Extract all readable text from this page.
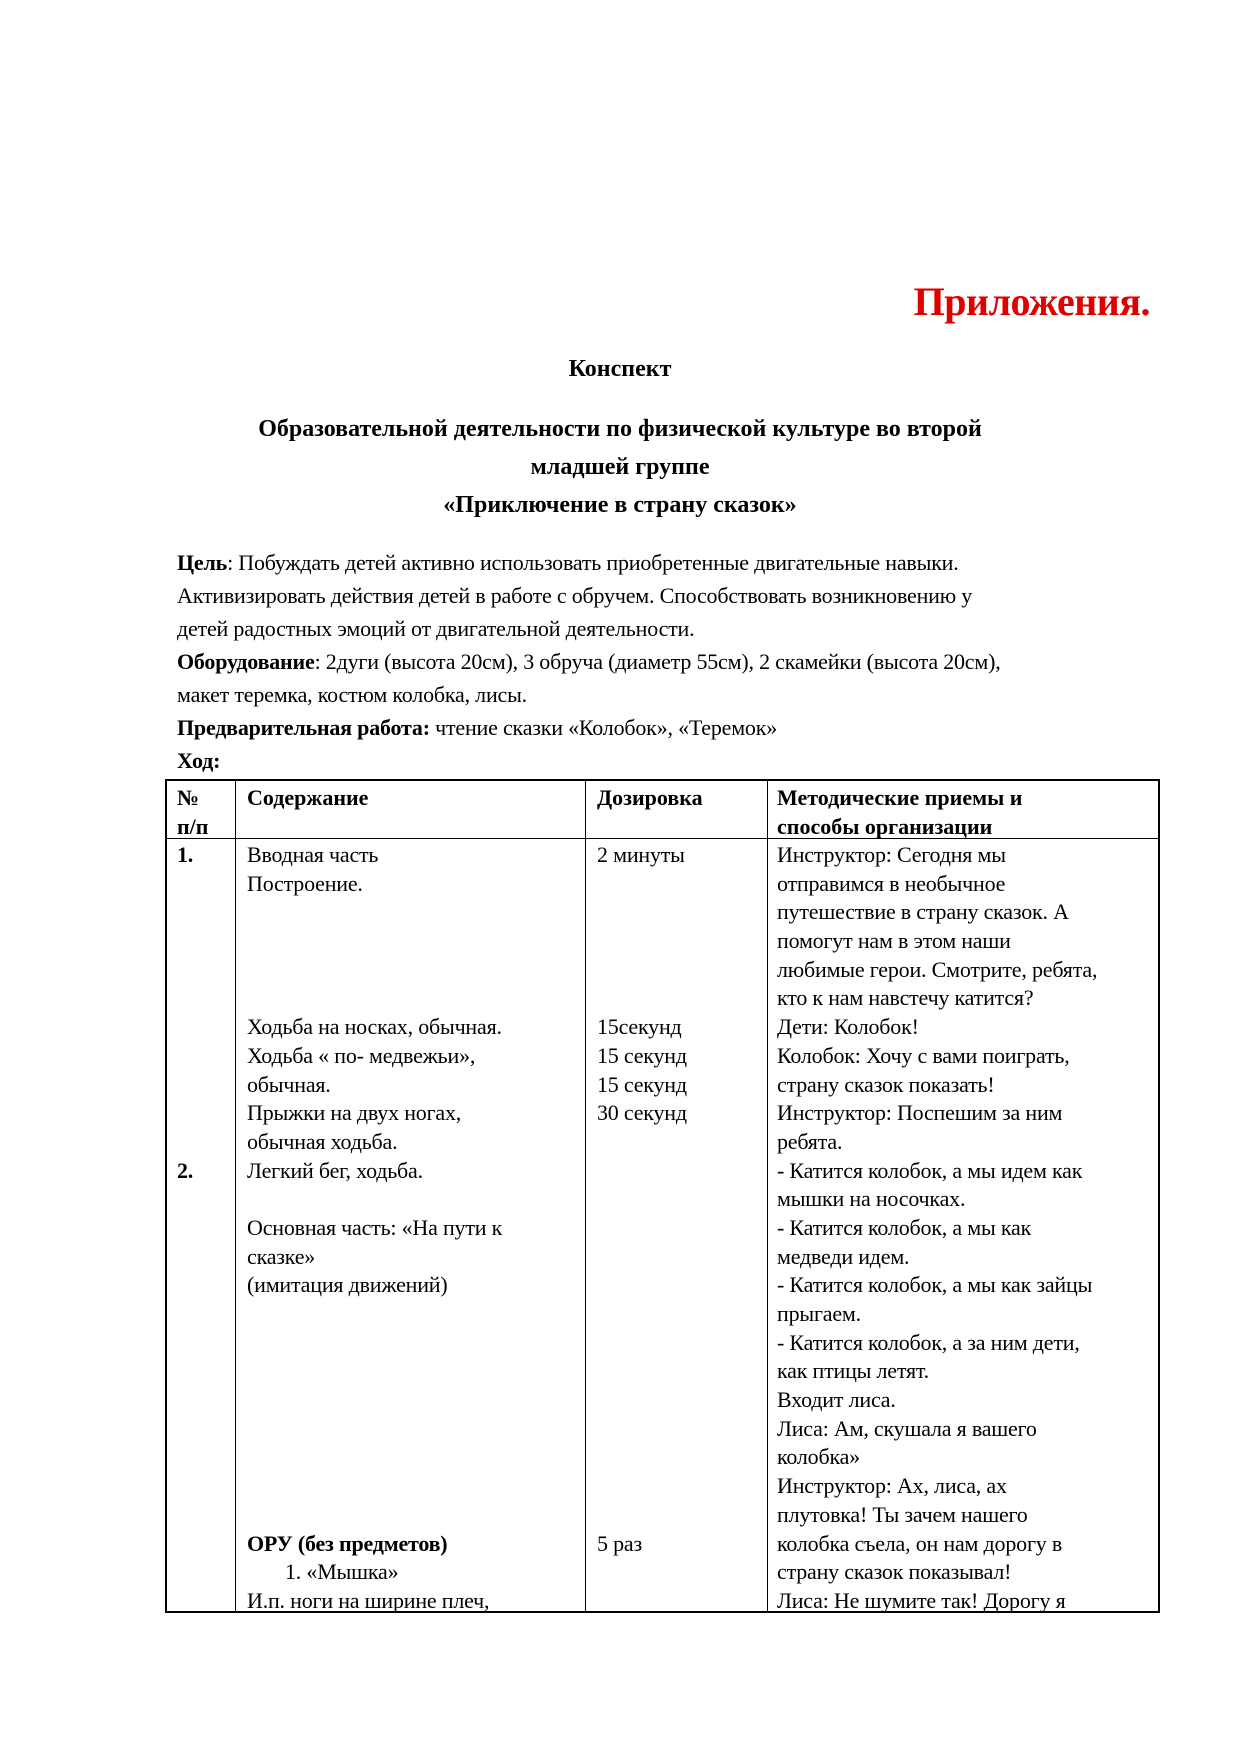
Приложения.
Конспект
Образовательной деятельности по физической культуре во второй
младшей группе
«Приключение в страну сказок»
Цель: Побуждать детей активно использовать приобретенные двигательные навыки.
Активизировать действия детей в работе с обручем. Способствовать возникновению у
детей радостных эмоций от двигательной деятельности.
Оборудование: 2дуги (высота 20см), 3 обруча (диаметр 55см), 2 скамейки (высота 20см),
макет теремка, костюм колобка, лисы.
Предварительная работа: чтение сказки «Колобок», «Теремок»
Ход:
№
п/п
Содержание	Дозировка	Методические приемы и
способы организации
1.
2.
Вводная часть
Построение.
Ходьба на носках, обычная.
Ходьба « по- медвежьи»,
обычная.
Прыжки на двух ногах,
обычная ходьба.
Легкий бег, ходьба.
Основная часть: «На пути к
сказке»
(имитация движений)
ОРУ (без предметов)
1. «Мышка»
И.п. ноги на ширине плеч,
2 минуты
15секунд
15 секунд
15 секунд
30 секунд
5 раз
Инструктор: Сегодня мы
отправимся в необычное
путешествие в страну сказок. А
помогут нам в этом наши
любимые герои. Смотрите, ребята,
кто к нам навстечу катится?
Дети: Колобок!
Колобок: Хочу с вами поиграть,
страну сказок показать!
Инструктор: Поспешим за ним
ребята.
- Катится колобок, а мы идем как
мышки на носочках.
- Катится колобок, а мы как
медведи идем.
- Катится колобок, а мы как зайцы
прыгаем.
- Катится колобок, а за ним дети,
как птицы летят.
Входит лиса.
Лиса: Ам, скушала я вашего
колобка»
Инструктор: Ах, лиса, ах
плутовка! Ты зачем нашего
колобка съела, он нам дорогу в
страну сказок показывал!
Лиса: Не шумите так! Дорогу я
